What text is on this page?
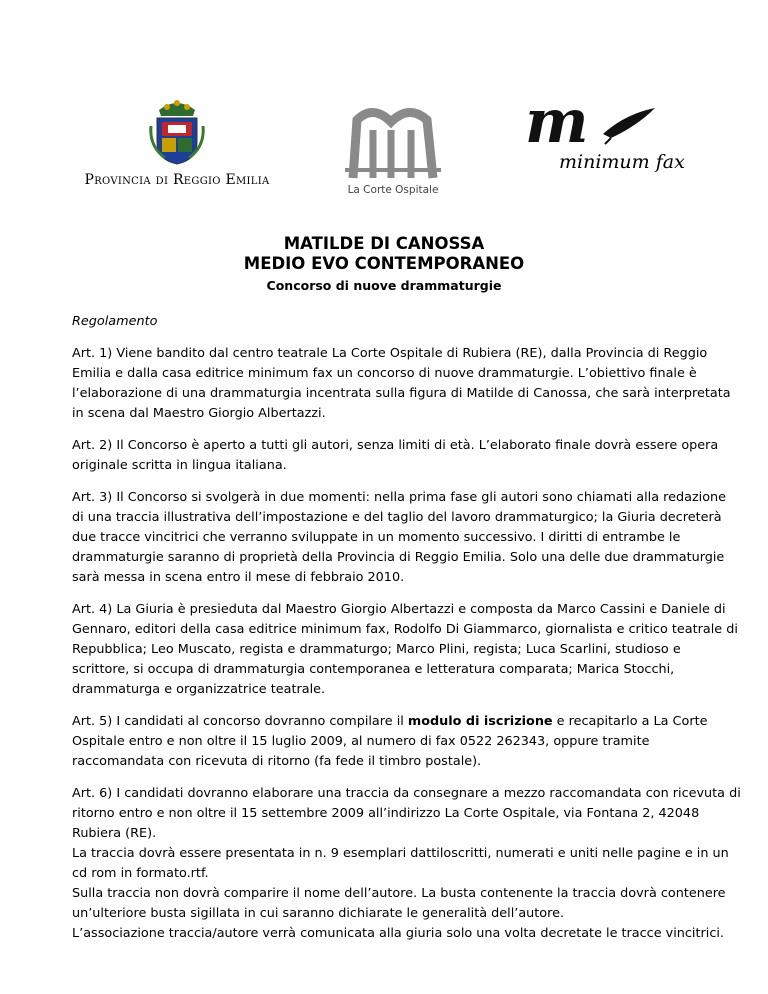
Provincia di Reggio Emilia
La Corte Ospitale
m
minimum fax
MATILDE DI CANOSSA
MEDIO EVO CONTEMPORANEO
Concorso di nuove drammaturgie

Regolamento

Art. 1) Viene bandito dal centro teatrale La Corte Ospitale di Rubiera (RE), dalla Provincia di Reggio
Emilia e dalla casa editrice minimum fax un concorso di nuove drammaturgie. L’obiettivo finale è
l’elaborazione di una drammaturgia incentrata sulla figura di Matilde di Canossa, che sarà interpretata
in scena dal Maestro Giorgio Albertazzi.

Art. 2) Il Concorso è aperto a tutti gli autori, senza limiti di età. L’elaborato finale dovrà essere opera
originale scritta in lingua italiana.

Art. 3) Il Concorso si svolgerà in due momenti: nella prima fase gli autori sono chiamati alla redazione
di una traccia illustrativa dell’impostazione e del taglio del lavoro drammaturgico; la Giuria decreterà
due tracce vincitrici che verranno sviluppate in un momento successivo. I diritti di entrambe le
drammaturgie saranno di proprietà della Provincia di Reggio Emilia. Solo una delle due drammaturgie
sarà messa in scena entro il mese di febbraio 2010.

Art. 4) La Giuria è presieduta dal Maestro Giorgio Albertazzi e composta da Marco Cassini e Daniele di
Gennaro, editori della casa editrice minimum fax, Rodolfo Di Giammarco, giornalista e critico teatrale di
Repubblica; Leo Muscato, regista e drammaturgo; Marco Plini, regista; Luca Scarlini, studioso e
scrittore, si occupa di drammaturgia contemporanea e letteratura comparata; Marica Stocchi,
drammaturga e organizzatrice teatrale.

Art. 5) I candidati al concorso dovranno compilare il modulo di iscrizione e recapitarlo a La Corte
Ospitale entro e non oltre il 15 luglio 2009, al numero di fax 0522 262343, oppure tramite
raccomandata con ricevuta di ritorno (fa fede il timbro postale).

Art. 6) I candidati dovranno elaborare una traccia da consegnare a mezzo raccomandata con ricevuta di
ritorno entro e non oltre il 15 settembre 2009 all’indirizzo La Corte Ospitale, via Fontana 2, 42048
Rubiera (RE).
La traccia dovrà essere presentata in n. 9 esemplari dattiloscritti, numerati e uniti nelle pagine e in un
cd rom in formato.rtf.
Sulla traccia non dovrà comparire il nome dell’autore. La busta contenente la traccia dovrà contenere
un’ulteriore busta sigillata in cui saranno dichiarate le generalità dell’autore.
L’associazione traccia/autore verrà comunicata alla giuria solo una volta decretate le tracce vincitrici.
